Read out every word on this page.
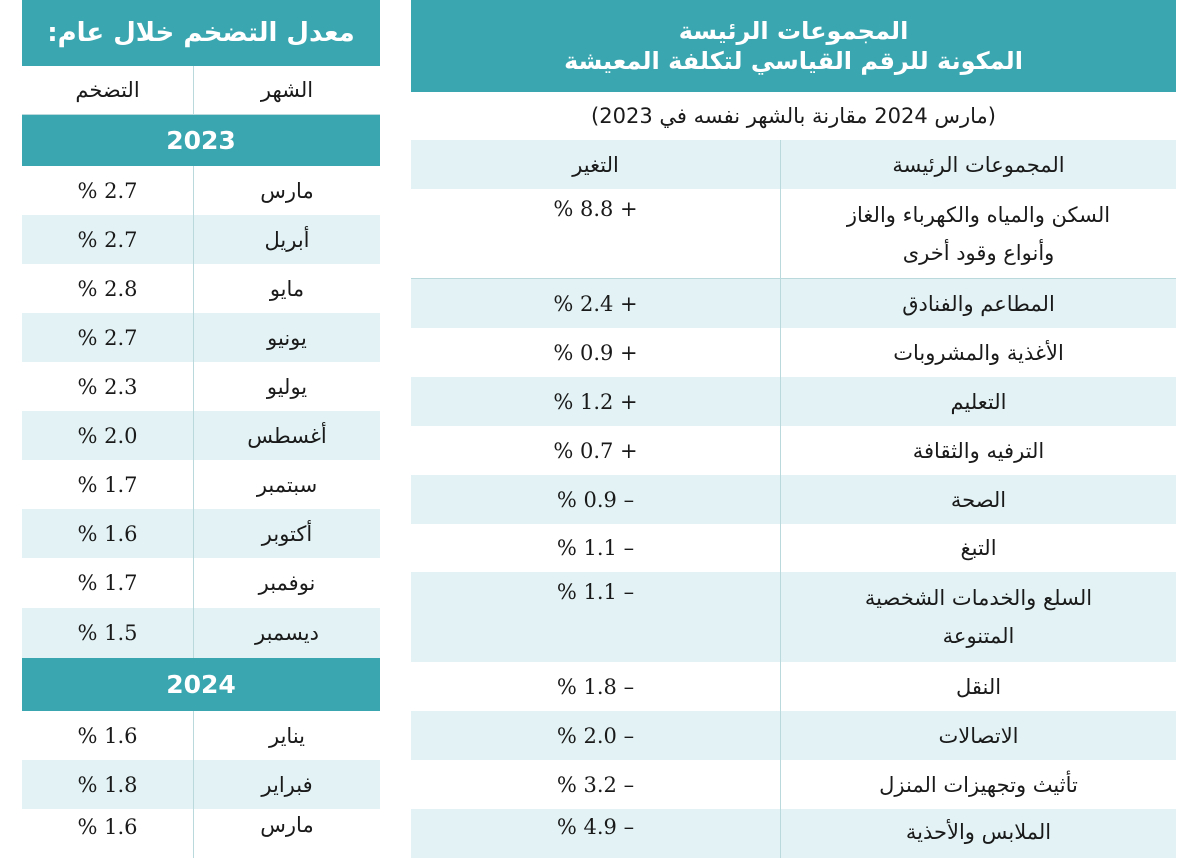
المجموعات الرئيسة
المكونة للرقم القياسي لتكلفة المعيشة
(مارس 2024 مقارنة بالشهر نفسه في 2023)
التغير	المجموعات الرئيسة
% 8.8 +	السكن والمياه والكهرباء والغاز وأنواع وقود أخرى
% 2.4 +	المطاعم والفنادق
% 0.9 +	الأغذية والمشروبات
% 1.2 +	التعليم
% 0.7 +	الترفيه والثقافة
% 0.9 –	الصحة
% 1.1 –	التبغ
% 1.1 –	السلع والخدمات الشخصية المتنوعة
% 1.8 –	النقل
% 2.0 –	الاتصالات
% 3.2 –	تأثيث وتجهيزات المنزل
% 4.9 –	الملابس والأحذية
معدل التضخم خلال عام:
التضخم	الشهر
2023
% 2.7	مارس
% 2.7	أبريل
% 2.8	مايو
% 2.7	يونيو
% 2.3	يوليو
% 2.0	أغسطس
% 1.7	سبتمبر
% 1.6	أكتوبر
% 1.7	نوفمبر
% 1.5	ديسمبر
2024
% 1.6	يناير
% 1.8	فبراير
% 1.6	مارس
